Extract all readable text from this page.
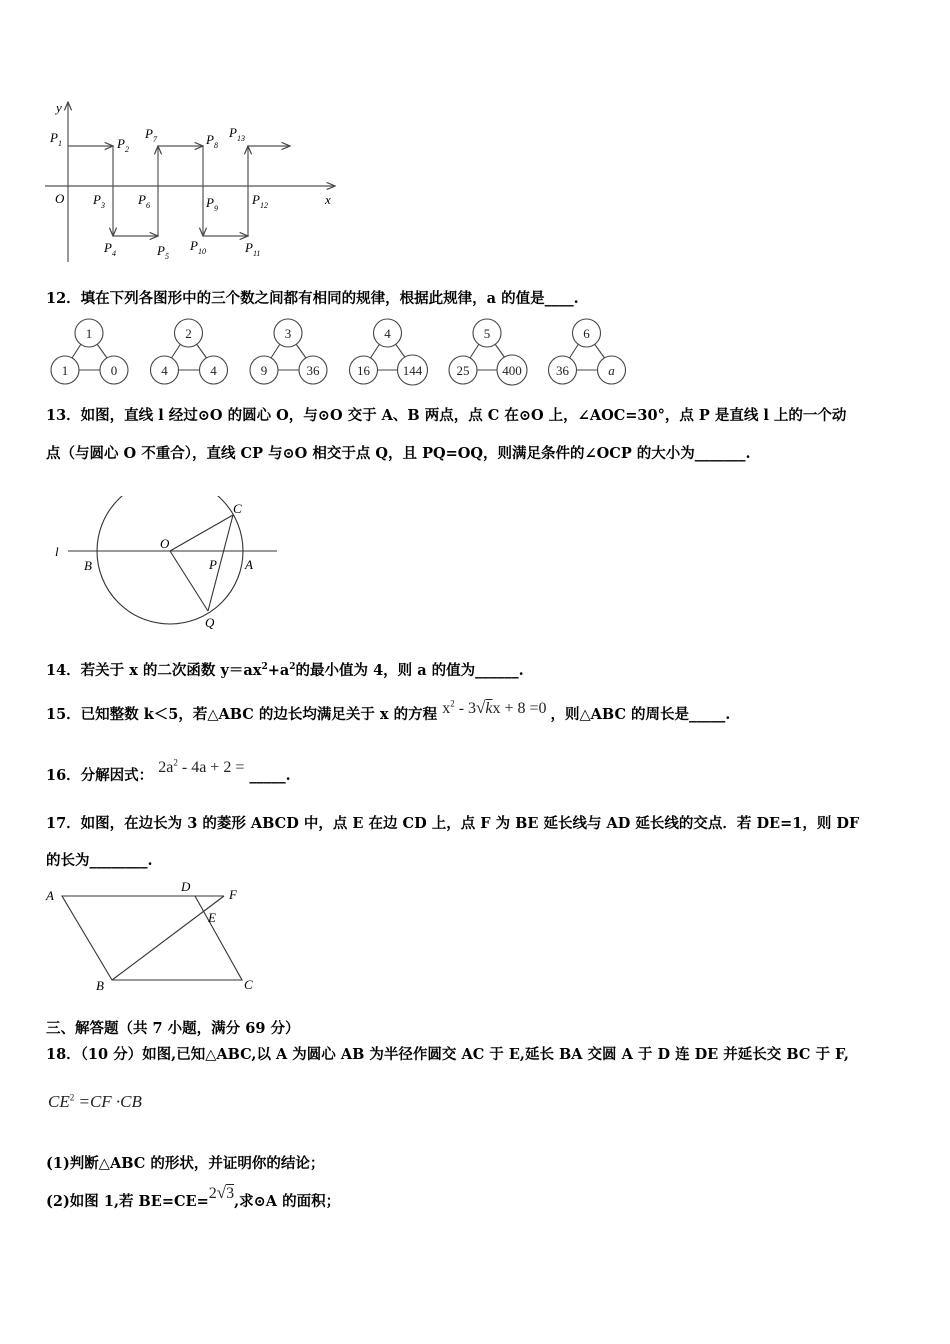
y
x
O
$P_1$	$P_2$
$P_3$
$P_4$	$P_5$
$P_6$
$P_7$	$P_8$
$P_9$
$P_{10}$	$P_{11}$
$P_{12}$
$P_{13}$
12．填在下列各图形中的三个数之间都有相同的规律，根据此规律，a 的值是____.
1
1	0
2
4	4
3
9	36
4
16	144
5
25	400
6
36	a
13．如图，直线 l 经过⊙O 的圆心 O，与⊙O 交于 A、B 两点，点 C 在⊙O 上，∠AOC=30°，点 P 是直线 l 上的一个动
点（与圆心 O 不重合），直线 CP 与⊙O 相交于点 Q，且 PQ=OQ，则满足条件的∠OCP 的大小为_______.
l
B
O
P A
C
Q
14．若关于 x 的二次函数 $y=ax^2+a^2$的最小值为 4，则 a 的值为______.
15．已知整数 k＜5，若△ABC 的边长均满足关于 x 的方程 $x^2 - 3√kx + 8 =0$ ，则△ABC 的周长是_____.
16．分解因式： $2a^2 - 4a + 2$ = _____.
17．如图，在边长为 3 的菱形 ABCD 中，点 E 在边 CD 上，点 F 为 BE 延长线与 AD 延长线的交点．若 DE=1，则 DF
的长为________.
A
D
F
E
B	C
三、解答题（共 7 小题，满分 69 分）
18．（10 分）如图,已知△ABC,以 A 为圆心 AB 为半径作圆交 AC 于 E,延长 BA 交圆 A 于 D 连 DE 并延长交 BC 于 F,
$CE^2 =CF \cdot CB$
(1)判断△ABC 的形状，并证明你的结论；
(2)如图 1,若 BE=CE=2√3,求⊙A 的面积；
